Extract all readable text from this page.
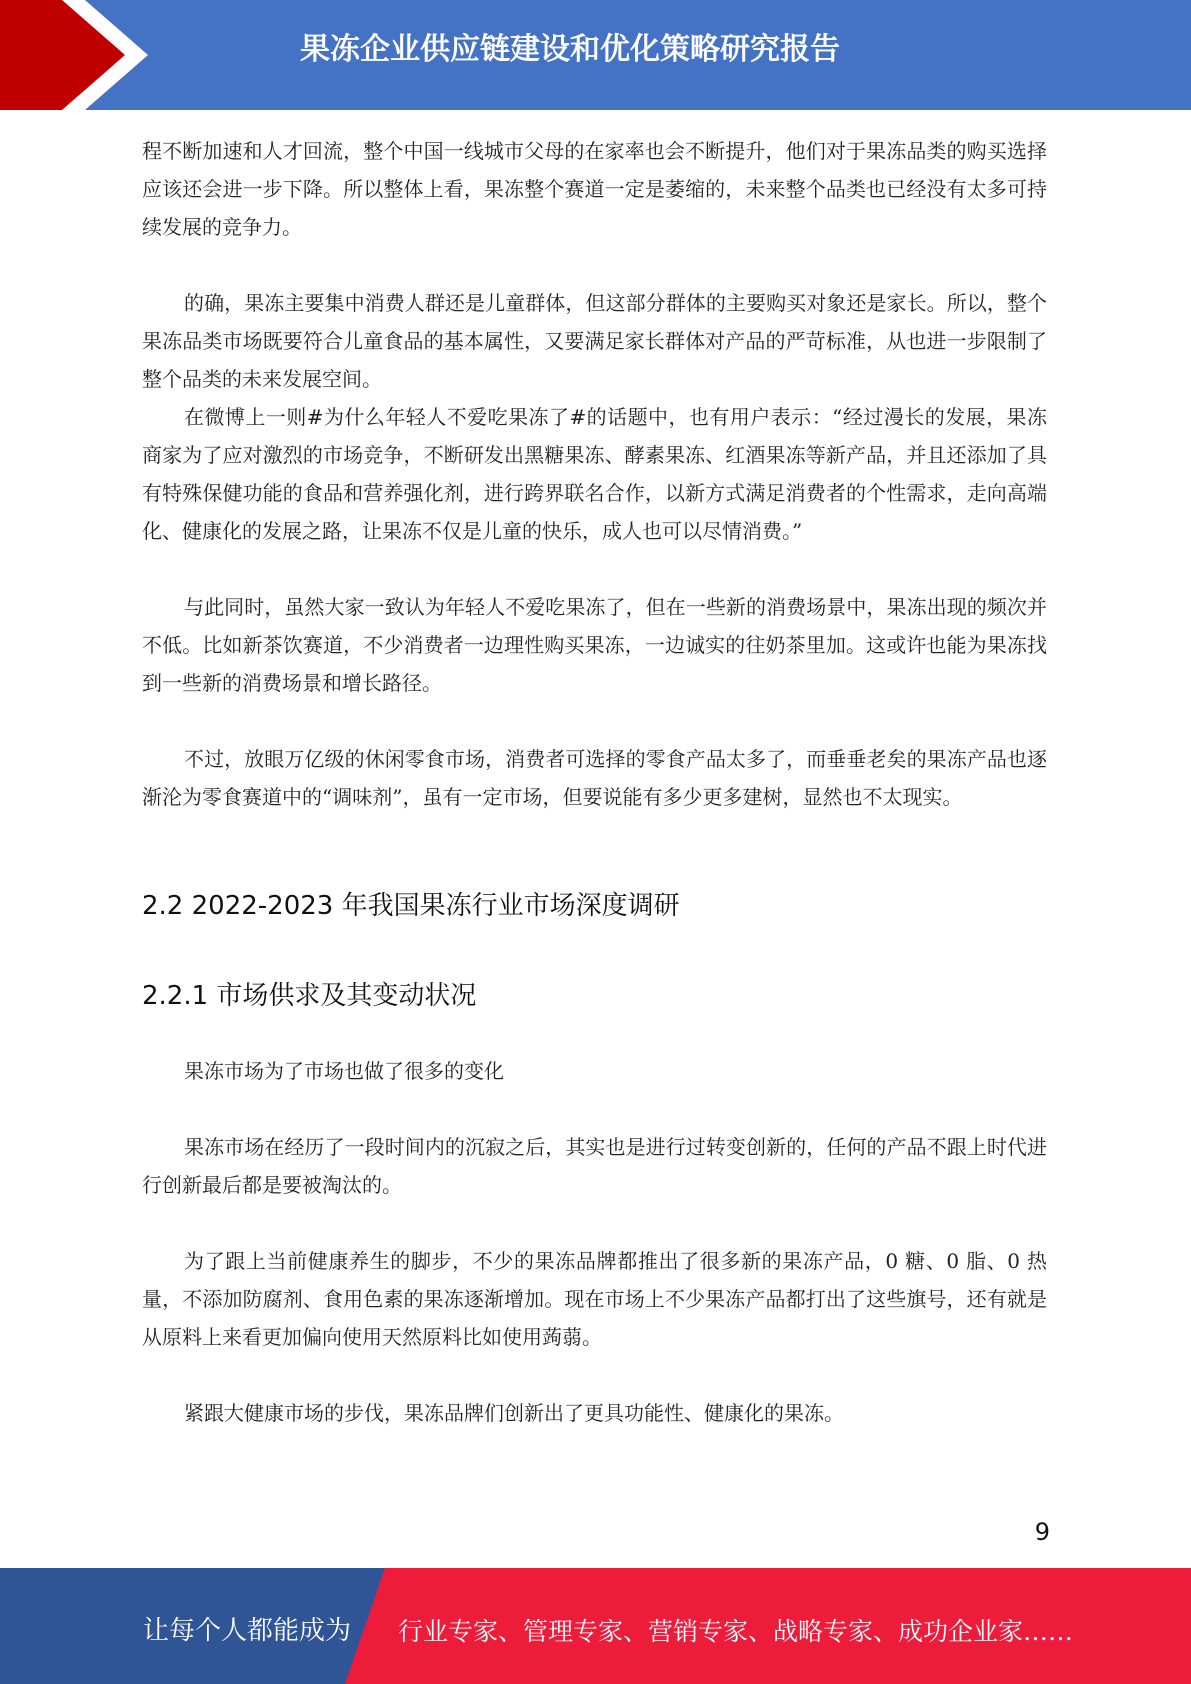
果冻企业供应链建设和优化策略研究报告

程不断加速和人才回流，整个中国一线城市父母的在家率也会不断提升，他们对于果冻品类的购买选择应该还会进一步下降。所以整体上看，果冻整个赛道一定是萎缩的，未来整个品类也已经没有太多可持续发展的竞争力。

的确，果冻主要集中消费人群还是儿童群体，但这部分群体的主要购买对象还是家长。所以，整个果冻品类市场既要符合儿童食品的基本属性，又要满足家长群体对产品的严苛标准，从也进一步限制了整个品类的未来发展空间。

在微博上一则#为什么年轻人不爱吃果冻了#的话题中，也有用户表示：“经过漫长的发展，果冻商家为了应对激烈的市场竞争，不断研发出黑糖果冻、酵素果冻、红酒果冻等新产品，并且还添加了具有特殊保健功能的食品和营养强化剂，进行跨界联名合作，以新方式满足消费者的个性需求，走向高端化、健康化的发展之路，让果冻不仅是儿童的快乐，成人也可以尽情消费。”

与此同时，虽然大家一致认为年轻人不爱吃果冻了，但在一些新的消费场景中，果冻出现的频次并不低。比如新茶饮赛道，不少消费者一边理性购买果冻，一边诚实的往奶茶里加。这或许也能为果冻找到一些新的消费场景和增长路径。

不过，放眼万亿级的休闲零食市场，消费者可选择的零食产品太多了，而垂垂老矣的果冻产品也逐渐沦为零食赛道中的“调味剂”，虽有一定市场，但要说能有多少更多建树，显然也不太现实。

2.2 2022-2023 年我国果冻行业市场深度调研
2.2.1 市场供求及其变动状况

果冻市场为了市场也做了很多的变化

果冻市场在经历了一段时间内的沉寂之后，其实也是进行过转变创新的，任何的产品不跟上时代进行创新最后都是要被淘汰的。

为了跟上当前健康养生的脚步，不少的果冻品牌都推出了很多新的果冻产品，0 糖、0 脂、0 热量，不添加防腐剂、食用色素的果冻逐渐增加。现在市场上不少果冻产品都打出了这些旗号，还有就是从原料上来看更加偏向使用天然原料比如使用蒟蒻。

紧跟大健康市场的步伐，果冻品牌们创新出了更具功能性、健康化的果冻。

9
让每个人都能成为 行业专家、管理专家、营销专家、战略专家、成功企业家……
